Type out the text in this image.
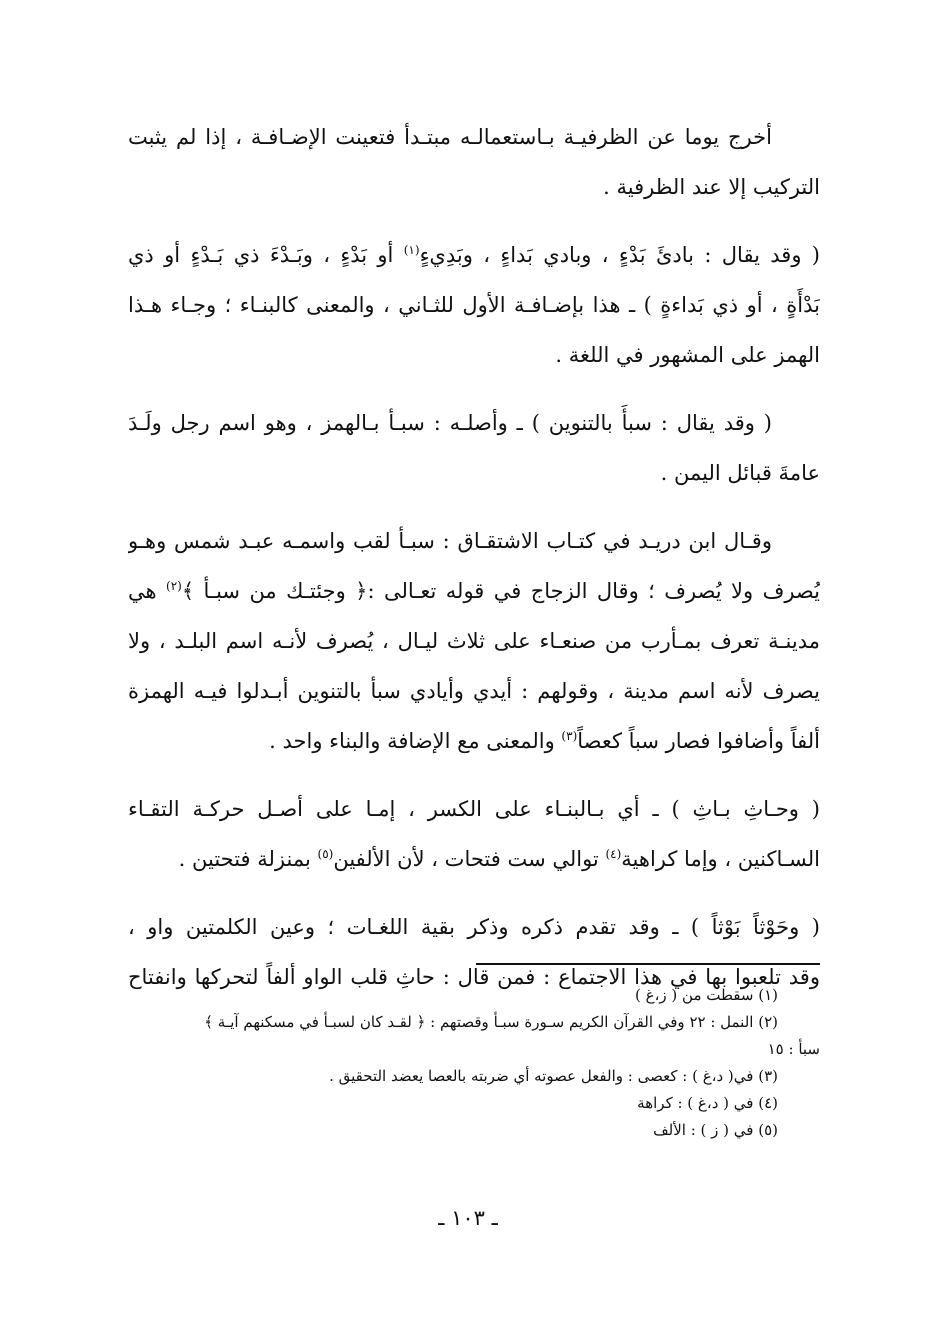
أخرج يوما عن الظرفيـة بـاستعمالـه مبتـدأ فتعينت الإضـافـة ، إذا لم يثبت
التركيب إلا عند الظرفية .

( وقد يقال : بادئَ بَدْءٍ ، وبادي بَداءٍ ، وبَدِيءٍ$^{(١)}$ أو بَدْءٍ ، وبَـدْءَ ذي بَـدْءٍ أو ذي
بَدْأَةٍ ، أو ذي بَداءةٍ ) ـ هذا بإضـافـة الأول للثـاني ، والمعنى كالبنـاء ؛ وجـاء هـذا
الهمز على المشهور في اللغة .

( وقد يقال : سبأَ بالتنوين ) ـ وأصلـه : سبـأ بـالهمز ، وهو اسم رجل ولَـدَ
عامةَ قبائل اليمن .

وقـال ابن دريـد في كتـاب الاشتقـاق : سبـأ لقب واسمـه عبـد شمس وهـو
يُصرف ولا يُصرف ؛ وقال الزجاج في قوله تعـالى :﴿ وجئتـك من سبـأ ﴾$^{(٢)}$ هي
مدينـة تعرف بمـأرب من صنعـاء على ثلاث ليـال ، يُصرف لأنـه اسم البلـد ، ولا
يصرف لأنه اسم مدينة ، وقولهم : أيدي وأيادي سبأ بالتنوين أبـدلوا فيـه الهمزة
ألفاً وأضافوا فصار سباً كعصاً$^{(٣)}$ والمعنى مع الإضافة والبناء واحد .

( وحـاثِ بـاثِ ) ـ أي بـالبنـاء على الكسر ، إمـا على أصـل حركـة التقـاء
السـاكنين ، وإما كراهية$^{(٤)}$ توالي ست فتحات ، لأن الألفين$^{(٥)}$ بمنزلة فتحتين .

( وحَوْثاً بَوْثاً ) ـ وقد تقدم ذكره وذكر بقية اللغـات ؛ وعين الكلمتين واو ،
وقد تلعبوا بها في هذا الاجتماع : فمن قال : حاثِ قلب الواو ألفاً لتحركها وانفتاح

(١) سقطت من ( ز،غ )
(٢) النمل : ٢٢ وفي القرآن الكريم سـورة سبـأ وقصتهم : ﴿ لقـد كان لسبـأ في مسكنهم آيـة ﴾
سبأ : ١٥
(٣) في( د،غ ) : كعصى : والفعل عصوته أي ضربته بالعصا يعضد التحقيق .
(٤) في ( د،غ ) : كراهة
(٥) في ( ز ) : الألف
ـ ١٠٣ ـ
